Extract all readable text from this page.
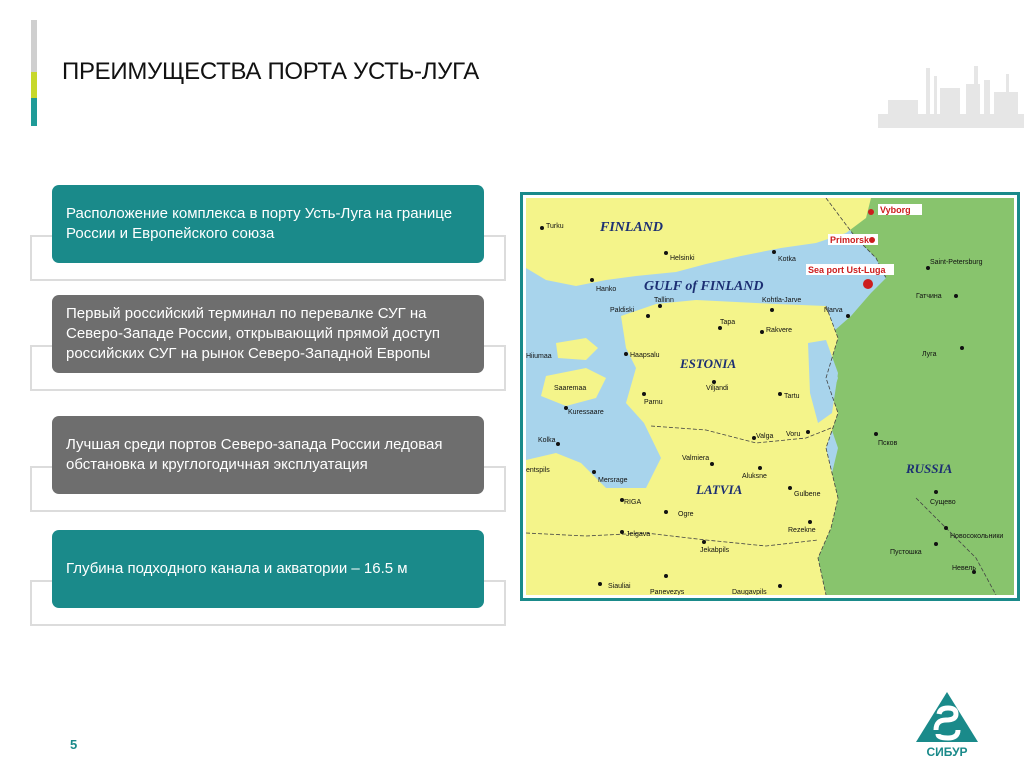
ПРЕИМУЩЕСТВА ПОРТА УСТЬ-ЛУГА
Расположение комплекса в порту Усть-Луга на границе России и Европейского союза
Первый российский терминал по перевалке СУГ на Северо-Западе России, открывающий прямой доступ российских СУГ на рынок Северо-Западной Европы
Лучшая среди портов Северо-запада России ледовая обстановка и круглогодичная эксплуатация
Глубина подходного канала и акватории – 16.5 м
FINLAND
GULF of FINLAND
ESTONIA
LATVIA
RUSSIA
Vyborg
Primorsk
Sea port Ust-Luga
Turku
Helsinki	Kotka
Hanko
Saint-Petersburg
Гатчина
Paldiski
Tallinn	Kohtla-Jarve
Narva
Tapa
Rakvere
Haapsalu
Hiiumaa	Луга
Saaremaa	Viljandi
Tartu
Kuressaare
Parnu
Valga Voru
Псков
Kolka
Valmiera
Aluksne
entspils
Mersrage
Gulbene
RIGA	Сущево
Ogre
Jelgava
Rezekne
Новосокольники
Jekabpils	Пустошка
Невель
Siauliai
Panevezys	Daugavpils
5	СИБУР
